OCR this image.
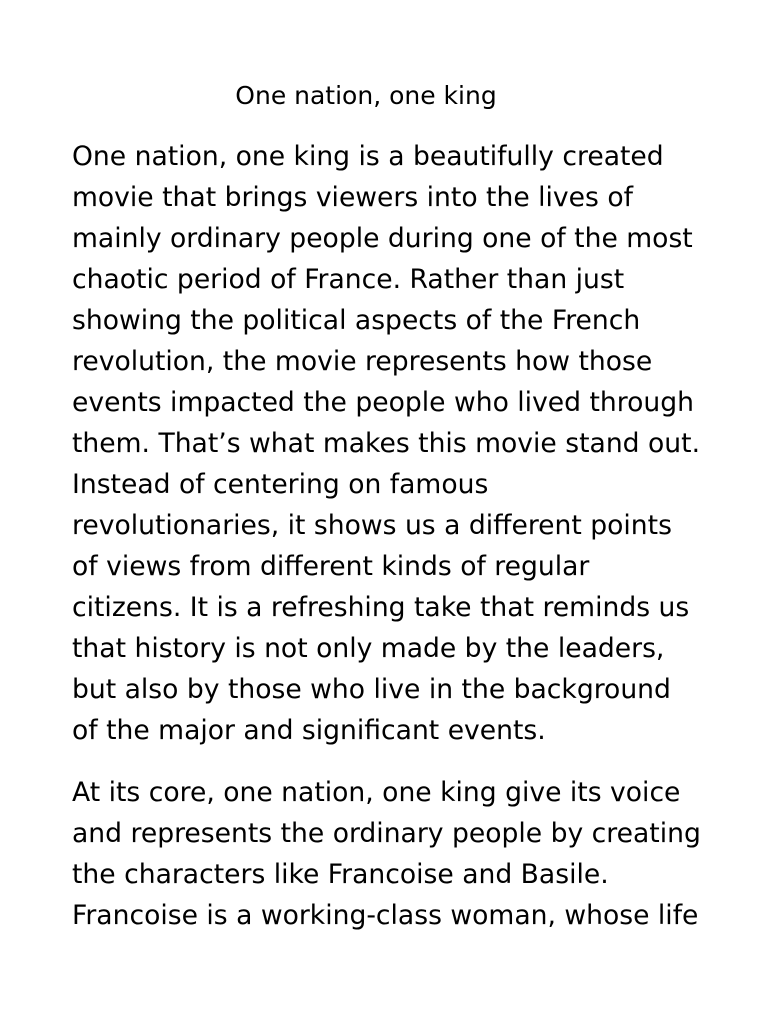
One nation, one king

One nation, one king is a beautifully created
movie that brings viewers into the lives of
mainly ordinary people during one of the most
chaotic period of France. Rather than just
showing the political aspects of the French
revolution, the movie represents how those
events impacted the people who lived through
them. That’s what makes this movie stand out.
Instead of centering on famous
revolutionaries, it shows us a different points
of views from different kinds of regular
citizens. It is a refreshing take that reminds us
that history is not only made by the leaders,
but also by those who live in the background
of the major and significant events.

At its core, one nation, one king give its voice
and represents the ordinary people by creating
the characters like Francoise and Basile.
Francoise is a working-class woman, whose life
